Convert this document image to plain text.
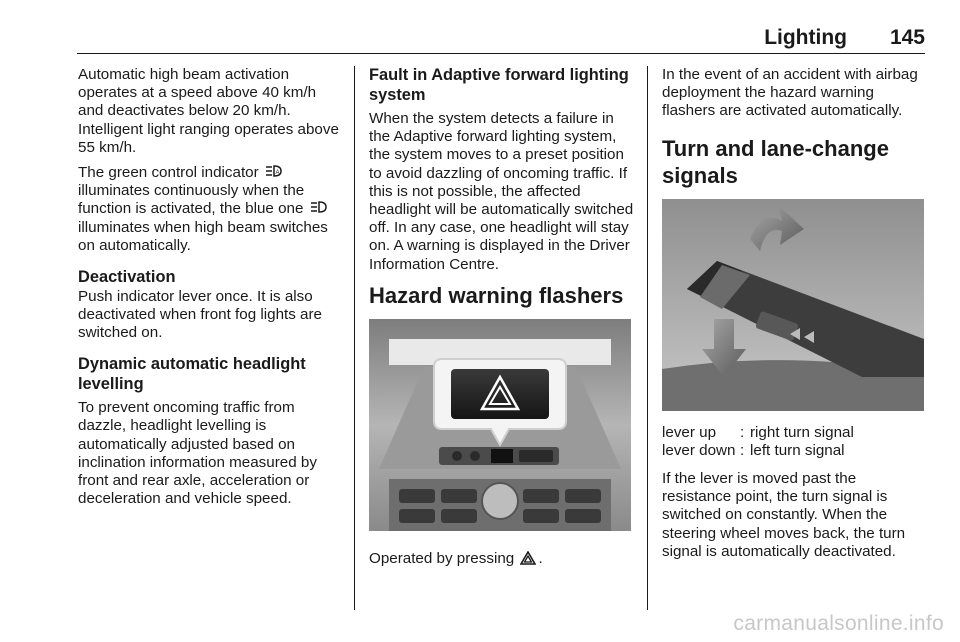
Lighting 145

Automatic high beam activation operates at a speed above 40 km/h and deactivates below 20 km/h. Intelligent light ranging operates above 55 km/h.

The green control indicator	A
illuminates continuously when the function is activated, the blue one  illuminates when high beam switches on automatically.

Deactivation

Push indicator lever once. It is also deactivated when front fog lights are switched on.

Dynamic automatic headlight levelling

To prevent oncoming traffic from dazzle, headlight levelling is automatically adjusted based on inclination information measured by front and rear axle, acceleration or deceleration and vehicle speed.

Fault in Adaptive forward lighting system

When the system detects a failure in the Adaptive forward lighting system, the system moves to a preset position to avoid dazzling of oncoming traffic. If this is not possible, the affected headlight will be automatically switched off. In any case, one headlight will stay on. A warning is displayed in the Driver Information Centre.

Hazard warning flashers

Operated by pressing .

In the event of an accident with airbag deployment the hazard warning flashers are activated automatically.

Turn and lane-change signals
lever up	: right turn signal
lever down : left turn signal

If the lever is moved past the resistance point, the turn signal is switched on constantly. When the steering wheel moves back, the turn signal is automatically deactivated.

carmanualsonline.info
